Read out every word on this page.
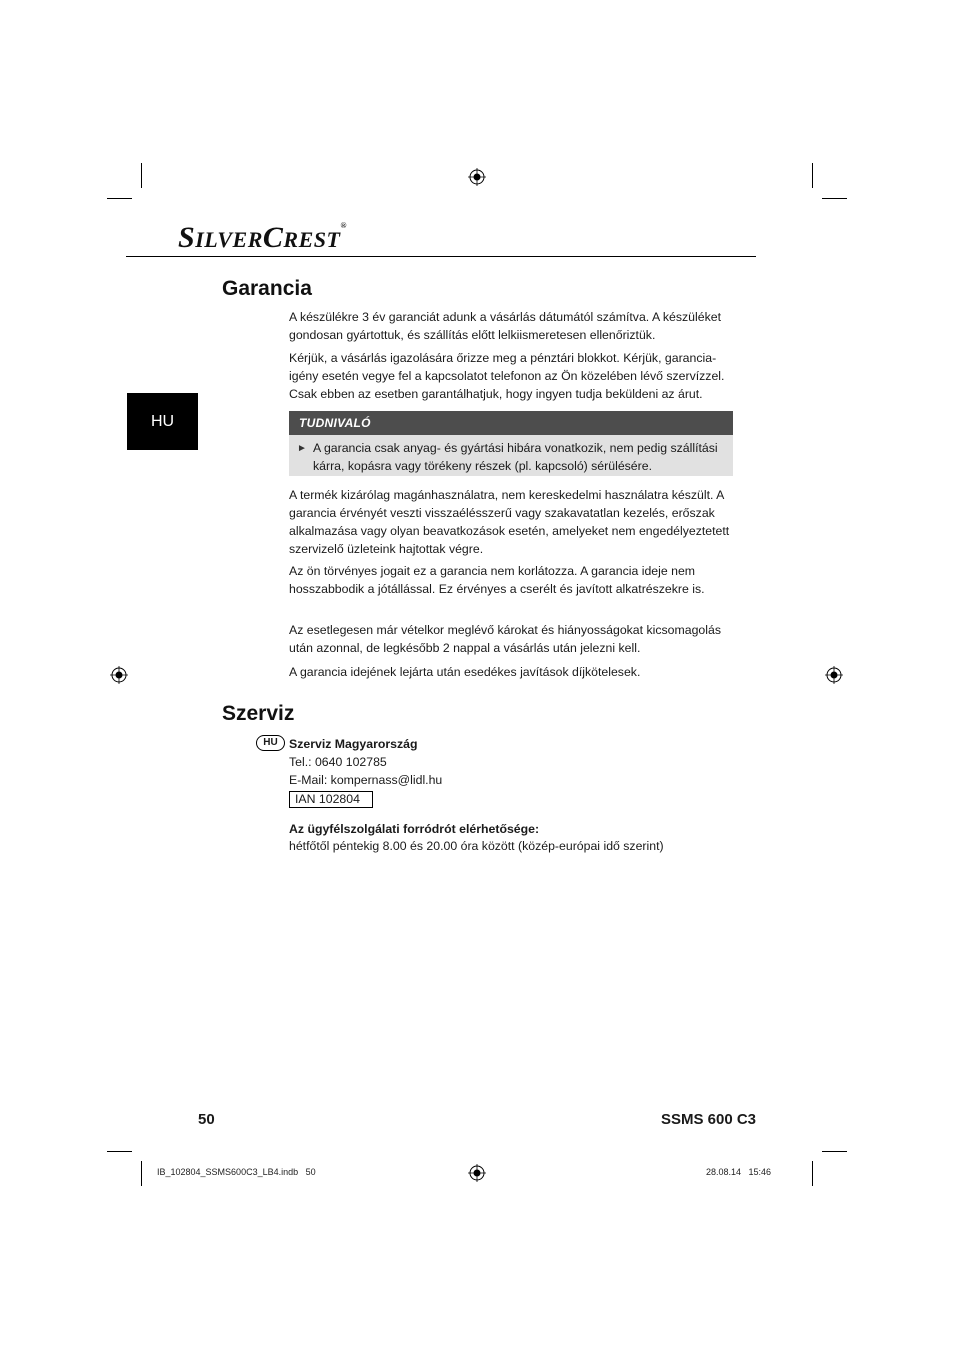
SILVERCREST®
HU
Garancia
A készülékre 3 év garanciát adunk a vásárlás dátumától számítva. A készüléket gondosan gyártottuk, és szállítás előtt lelkiismeretesen ellenőriztük.
Kérjük, a vásárlás igazolására őrizze meg a pénztári blokkot. Kérjük, garancia-igény esetén vegye fel a kapcsolatot telefonon az Ön közelében lévő szervízzel. Csak ebben az esetben garantálhatjuk, hogy ingyen tudja beküldeni az árut.
TUDNIVALÓ
► A garancia csak anyag- és gyártási hibára vonatkozik, nem pedig szállítási kárra, kopásra vagy törékeny részek (pl. kapcsoló) sérülésére.
A termék kizárólag magánhasználatra, nem kereskedelmi használatra készült. A garancia érvényét veszti visszaélésszerű vagy szakavatatlan kezelés, erőszak alkalmazása vagy olyan beavatkozások esetén, amelyeket nem engedélyeztetett szervizelő üzleteink hajtottak végre.
Az ön törvényes jogait ez a garancia nem korlátozza. A garancia ideje nem hosszabbodik a jótállással. Ez érvényes a cserélt és javított alkatrészekre is.
Az esetlegesen már vételkor meglévő károkat és hiányosságokat kicsomagolás után azonnal, de legkésőbb 2 nappal a vásárlás után jelezni kell.
A garancia idejének lejárta után esedékes javítások díjkötelesek.
Szerviz
HU Szerviz Magyarország
Tel.: 0640 102785
E-Mail: kompernass@lidl.hu
IAN 102804
Az ügyfélszolgálati forródrót elérhetősége:
hétfőtől péntekig 8.00 és 20.00 óra között (közép-európai idő szerint)
50	SSMS 600 C3
IB_102804_SSMS600C3_LB4.indb   50	28.08.14   15:46
